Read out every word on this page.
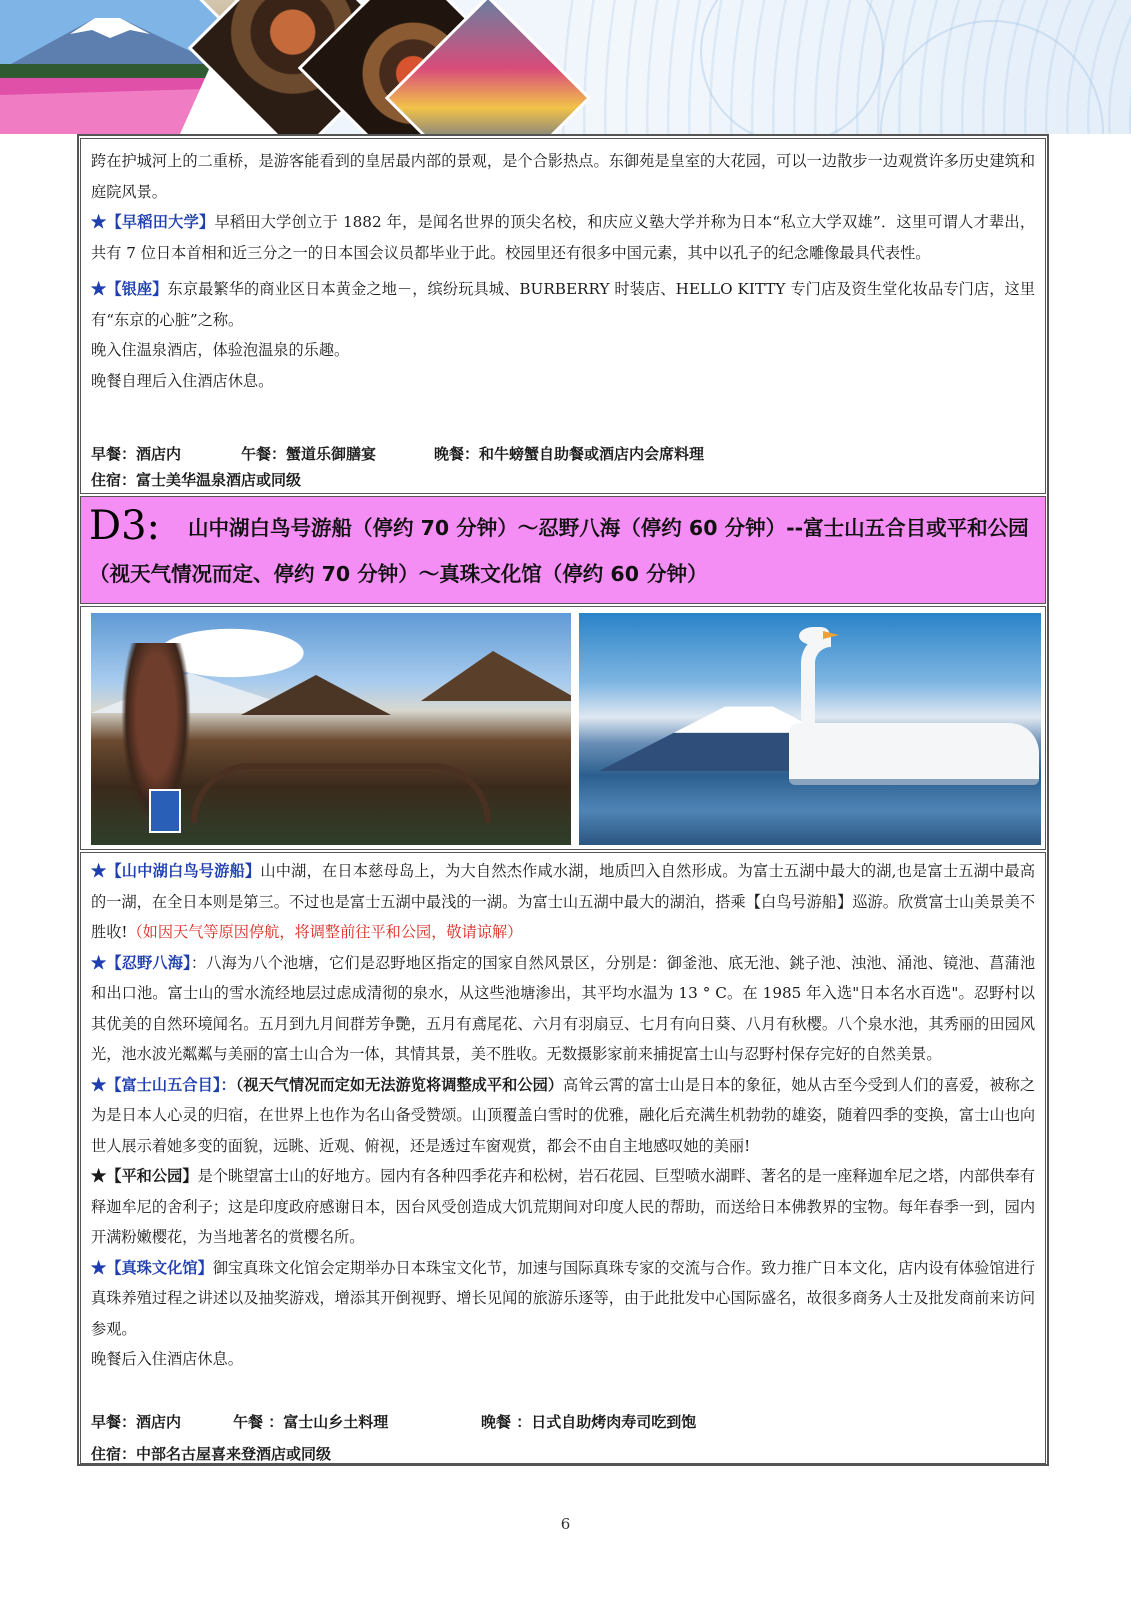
跨在护城河上的二重桥，是游客能看到的皇居最内部的景观，是个合影热点。东御苑是皇室的大花园，可以一边散步一边观赏许多历史建筑和庭院风景。

★【早稻田大学】早稻田大学创立于 1882 年，是闻名世界的顶尖名校，和庆应义塾大学并称为日本“私立大学双雄”．这里可谓人才辈出，共有 7 位日本首相和近三分之一的日本国会议员都毕业于此。校园里还有很多中国元素，其中以孔子的纪念雕像最具代表性。

★【银座】东京最繁华的商业区日本黄金之地－，缤纷玩具城、BURBERRY 时装店、HELLO KITTY 专门店及资生堂化妆品专门店，这里有“东京的心脏”之称。

晚入住温泉酒店，体验泡温泉的乐趣。

晚餐自理后入住酒店休息。

早餐：酒店内	午餐：蟹道乐御膳宴	晚餐：和牛螃蟹自助餐或酒店内会席料理
住宿：富士美华温泉酒店或同级
D3: 山中湖白鸟号游船（停约 70 分钟）～忍野八海（停约 60 分钟）--富士山五合目或平和公园（视天气情况而定、停约 70 分钟）～真珠文化馆（停约 60 分钟）

★【山中湖白鸟号游船】山中湖，在日本慈母岛上，为大自然杰作咸水湖，地质凹入自然形成。为富士五湖中最大的湖,也是富士五湖中最高的一湖，在全日本则是第三。不过也是富士五湖中最浅的一湖。为富士山五湖中最大的湖泊，搭乘【白鸟号游船】巡游。欣赏富士山美景美不胜收!（如因天气等原因停航，将调整前往平和公园，敬请谅解）

★【忍野八海】：八海为八个池塘，它们是忍野地区指定的国家自然风景区，分别是：御釜池、底无池、銚子池、浊池、涌池、镜池、菖蒲池和出口池。富士山的雪水流经地层过虑成清彻的泉水，从这些池塘渗出，其平均水温为 13 ° C。在 1985 年入选"日本名水百选"。忍野村以其优美的自然环境闻名。五月到九月间群芳争艷，五月有鳶尾花、六月有羽扇豆、七月有向日葵、八月有秋樱。八个泉水池，其秀丽的田园风光，池水波光粼粼与美丽的富士山合为一体，其情其景，美不胜收。无数摄影家前来捕捉富士山与忍野村保存完好的自然美景。

★【富士山五合目】：（视天气情况而定如无法游览将调整成平和公园）高耸云霄的富士山是日本的象征，她从古至今受到人们的喜爱，被称之为是日本人心灵的归宿，在世界上也作为名山备受赞颂。山顶覆盖白雪时的优雅，融化后充满生机勃勃的雄姿，随着四季的变换，富士山也向世人展示着她多变的面貌，远眺、近观、俯视，还是透过车窗观赏，都会不由自主地感叹她的美丽!

★【平和公园】是个眺望富士山的好地方。园内有各种四季花卉和松树，岩石花园、巨型喷水湖畔、著名的是一座释迦牟尼之塔，内部供奉有释迦牟尼的舍利子；这是印度政府感谢日本，因台风受创造成大饥荒期间对印度人民的帮助，而送给日本佛教界的宝物。每年春季一到，园内开满粉嫩樱花，为当地著名的赏樱名所。

★【真珠文化馆】御宝真珠文化馆会定期举办日本珠宝文化节，加速与国际真珠专家的交流与合作。致力推广日本文化，店内设有体验馆进行真珠养殖过程之讲述以及抽奖游戏，增添其开倒视野、增长见闻的旅游乐逐等，由于此批发中心国际盛名，故很多商务人士及批发商前来访问参观。

晚餐后入住酒店休息。

早餐：酒店内	午餐 ：富士山乡土料理	晚餐 ：日式自助烤肉寿司吃到饱
住宿：中部名古屋喜来登酒店或同级
6
